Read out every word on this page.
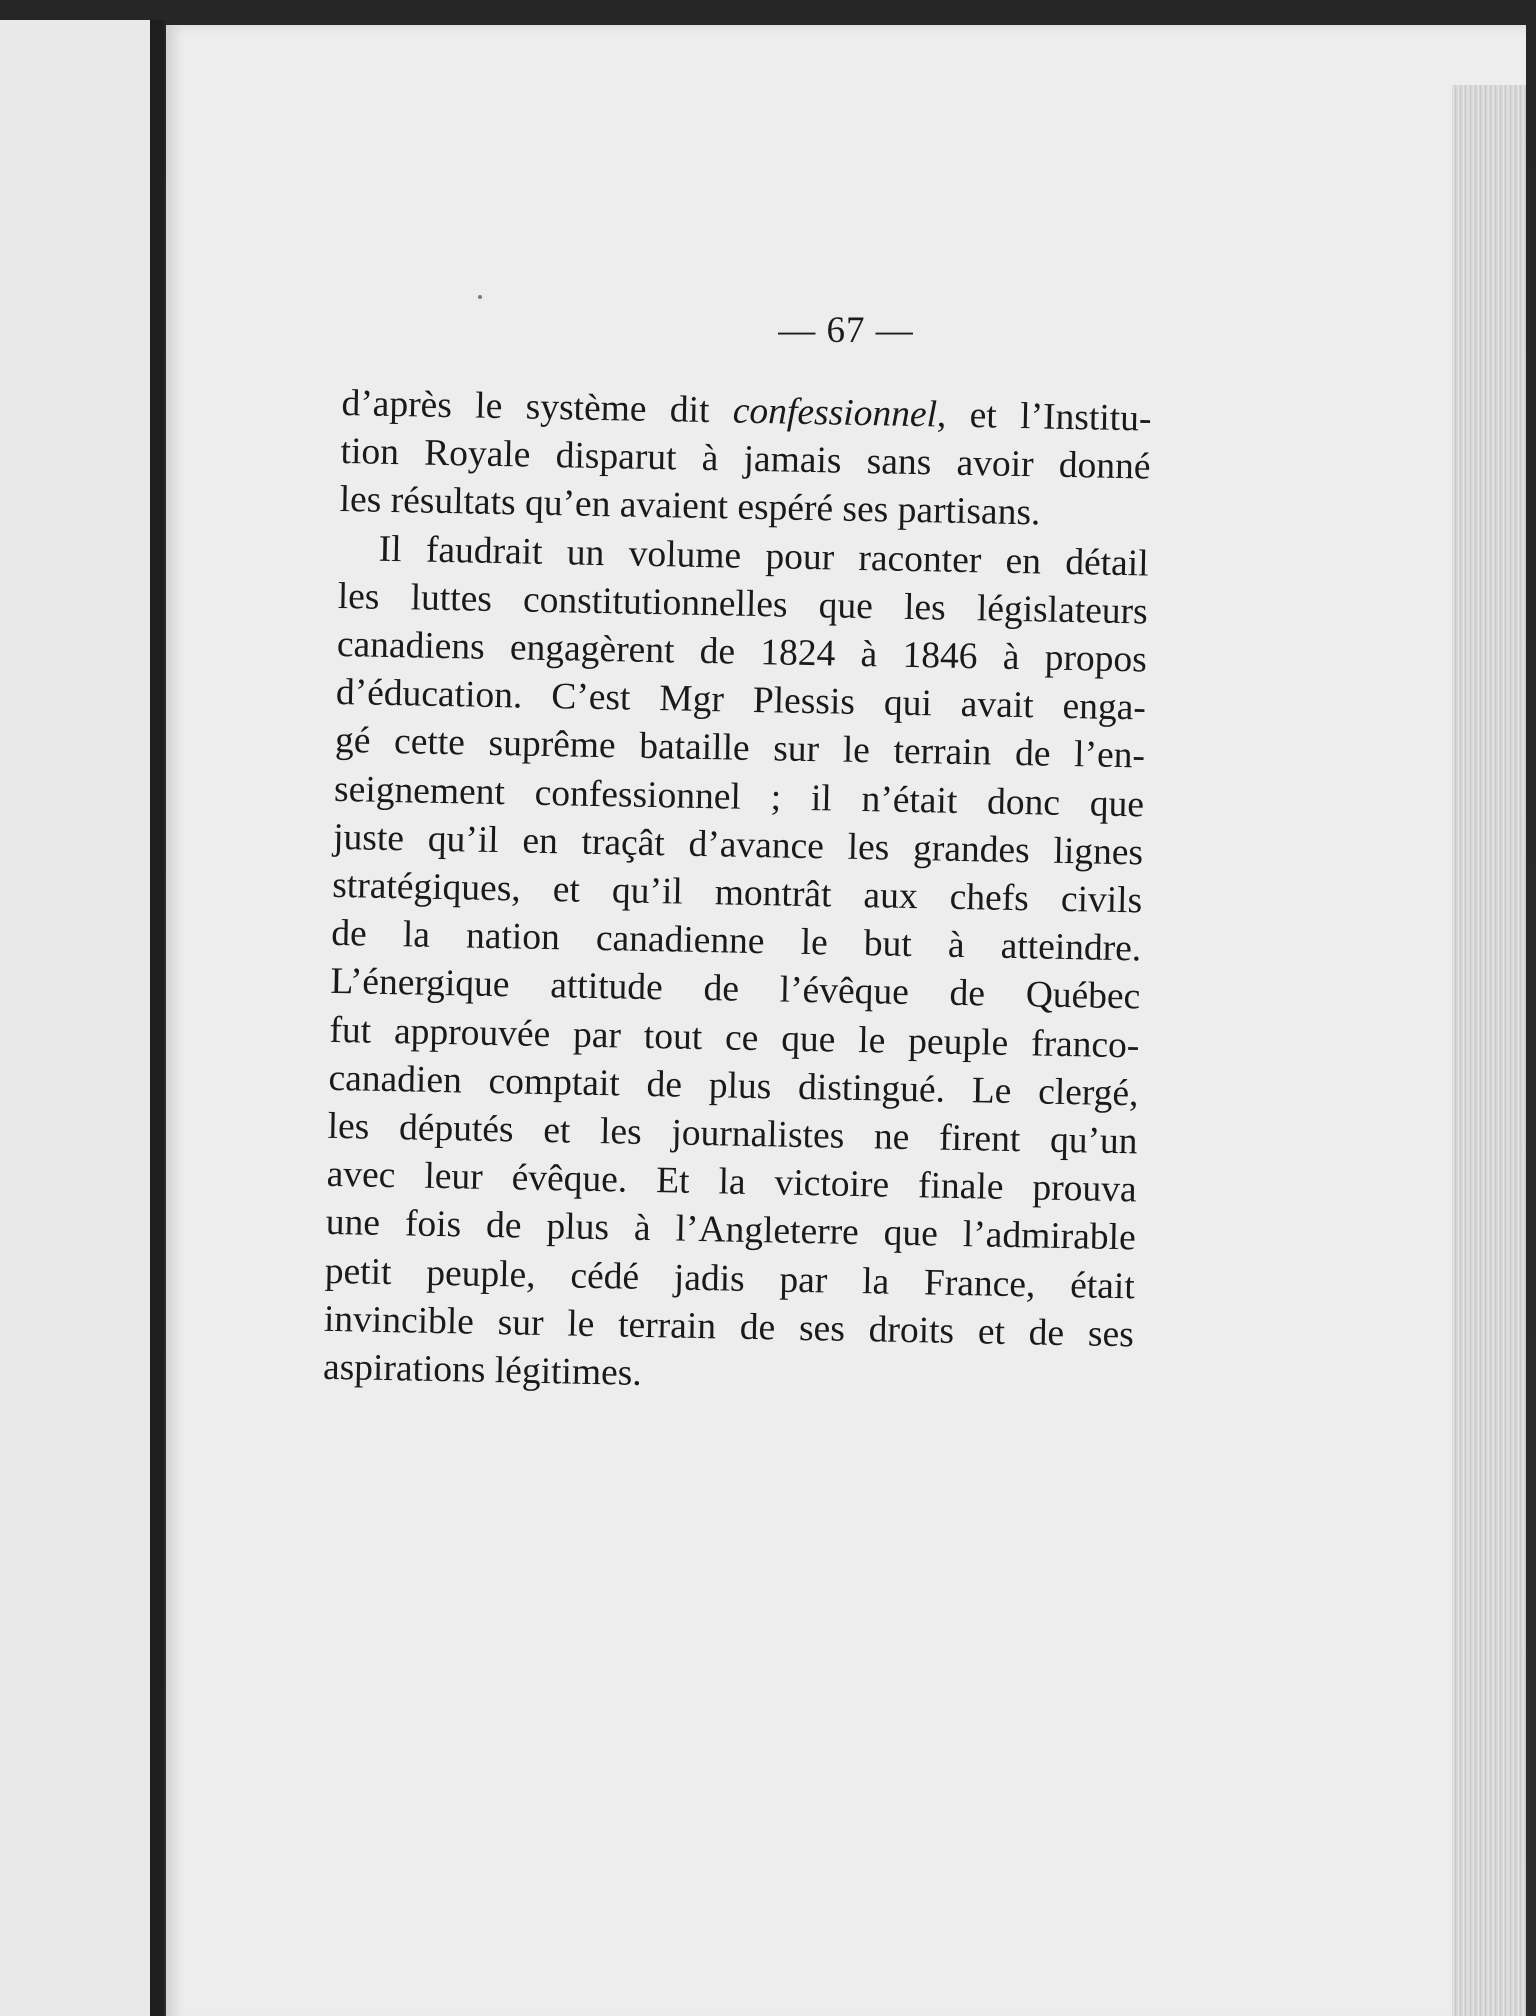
— 67 —
d’après le système dit confessionnel, et l’Institu-
tion Royale disparut à jamais sans avoir donné
les résultats qu’en avaient espéré ses partisans.
Il faudrait un volume pour raconter en détail
les luttes constitutionnelles que les législateurs
canadiens engagèrent de 1824 à 1846 à propos
d’éducation. C’est Mgr Plessis qui avait enga-
gé cette suprême bataille sur le terrain de l’en-
seignement confessionnel ; il n’était donc que
juste qu’il en traçât d’avance les grandes lignes
stratégiques, et qu’il montrât aux chefs civils
de la nation canadienne le but à atteindre.
L’énergique attitude de l’évêque de Québec
fut approuvée par tout ce que le peuple franco-
canadien comptait de plus distingué. Le clergé,
les députés et les journalistes ne firent qu’un
avec leur évêque. Et la victoire finale prouva
une fois de plus à l’Angleterre que l’admirable
petit peuple, cédé jadis par la France, était
invincible sur le terrain de ses droits et de ses
aspirations légitimes.
